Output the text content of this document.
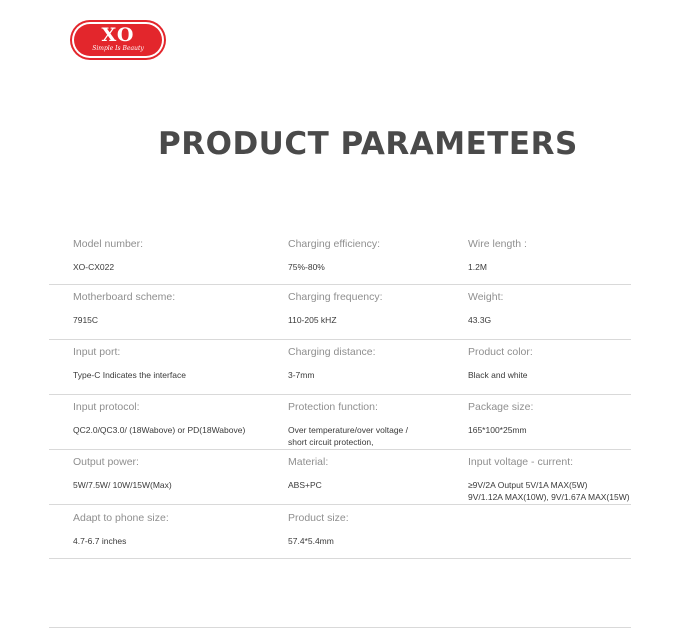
XO
Simple Is Beauty
PRODUCT PARAMETERS
Model number:
XO-CX022
Charging efficiency:
75%-80%
Wire length :
1.2M
Motherboard scheme:
7915C
Charging frequency:
110-205 kHZ
Weight:
43.3G
Input port:
Type-C Indicates the interface
Charging distance:
3-7mm
Product color:
Black and white
Input protocol:
QC2.0/QC3.0/ (18Wabove) or PD(18Wabove)
Protection function:
Over temperature/over voltage /
short circuit protection,
Package size:
165*100*25mm
Output power:
5W/7.5W/ 10W/15W(Max)
Material:
ABS+PC
Input voltage - current:
≥9V/2A Output 5V/1A MAX(5W)
9V/1.12A MAX(10W), 9V/1.67A MAX(15W)
Adapt to phone size:
4.7-6.7 inches
Product size:
57.4*5.4mm
